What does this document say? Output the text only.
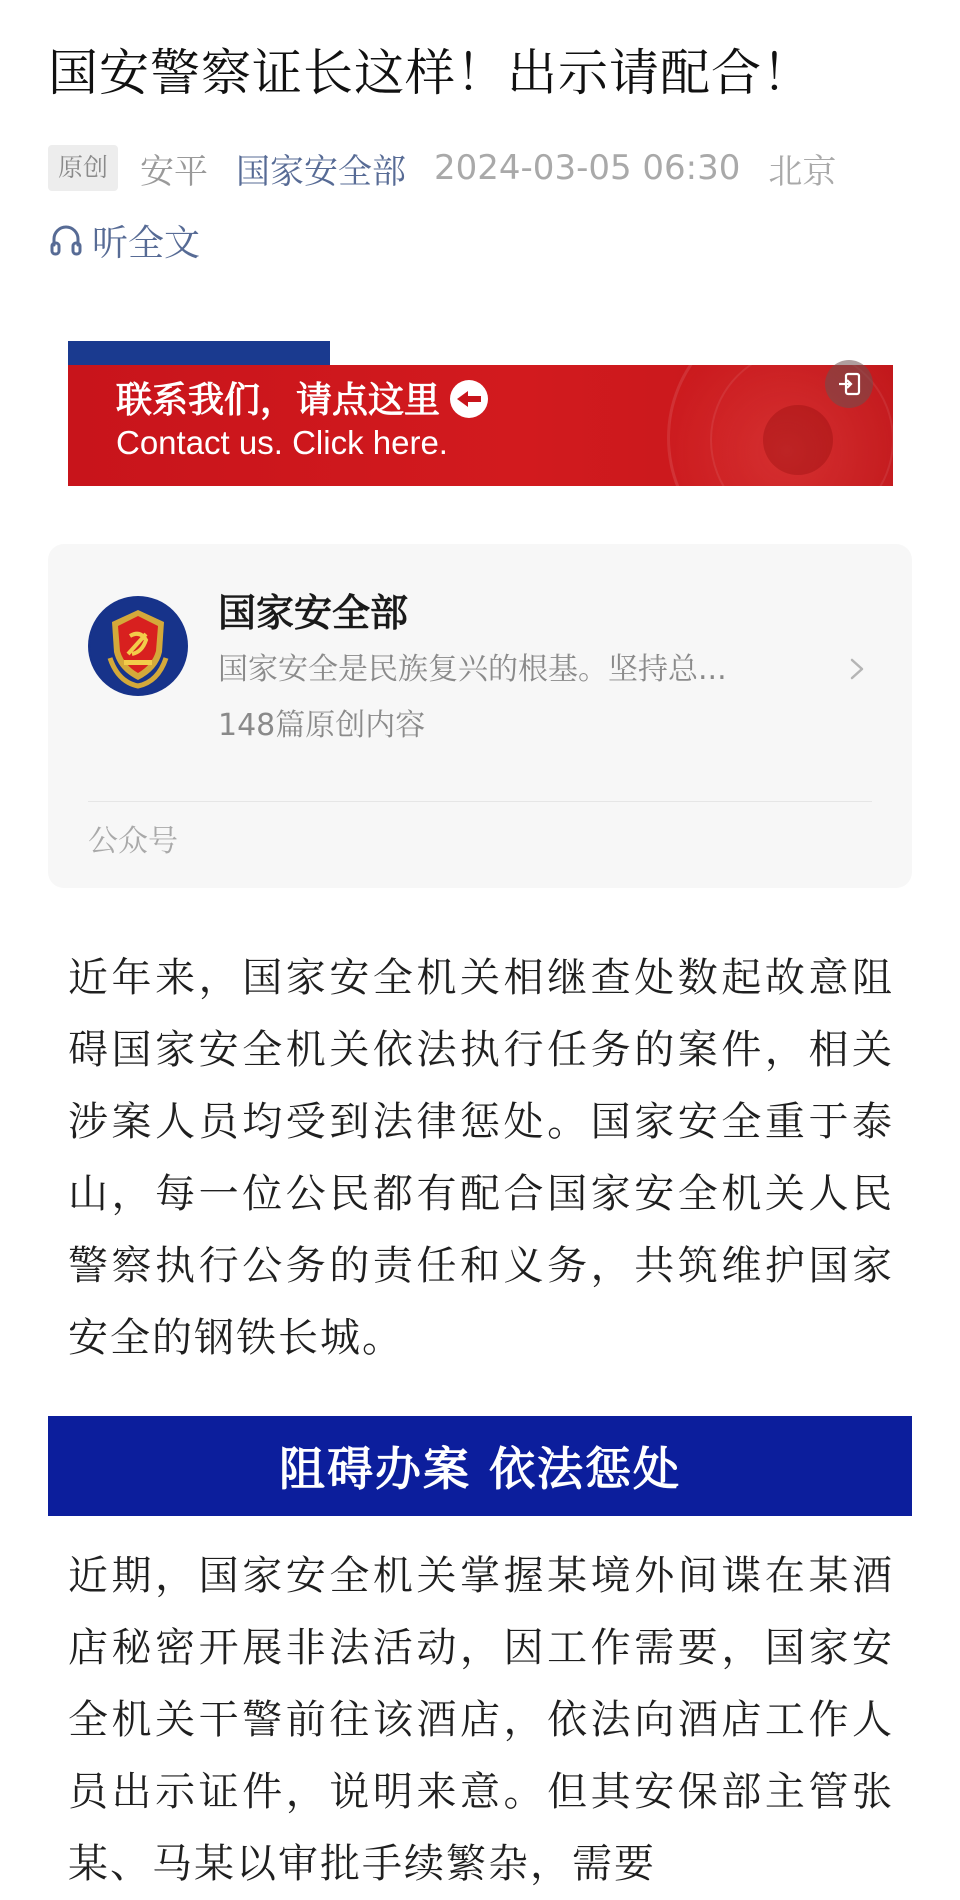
国安警察证长这样！出示请配合！
原创 安平 国家安全部 2024-03-05 06:30 北京
听全文
联系我们，请点这里
Contact us. Click here.
国家安全部
国家安全是民族复兴的根基。坚持总...
148篇原创内容
公众号

近年来，国家安全机关相继查处数起故意阻碍国家安全机关依法执行任务的案件，相关涉案人员均受到法律惩处。国家安全重于泰山，每一位公民都有配合国家安全机关人民警察执行公务的责任和义务，共筑维护国家安全的钢铁长城。

阻碍办案 依法惩处

近期，国家安全机关掌握某境外间谍在某酒店秘密开展非法活动，因工作需要，国家安全机关干警前往该酒店，依法向酒店工作人员出示证件，说明来意。但其安保部主管张某、马某以审批手续繁杂，需要
